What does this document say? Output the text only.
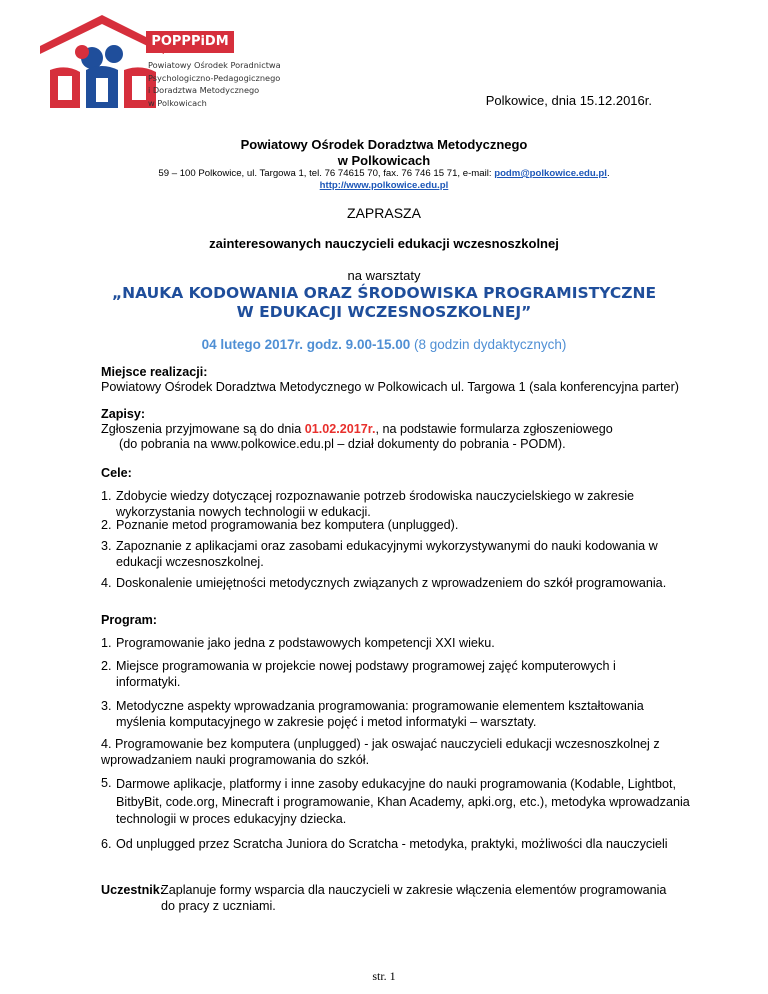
POPPPiDM
Powiatowy Ośrodek Poradnictwa
Psychologiczno-Pedagogicznego
i Doradztwa Metodycznego
w Polkowicach	Polkowice, dnia 15.12.2016r.
Powiatowy Ośrodek Doradztwa Metodycznego
w Polkowicach
59 – 100 Polkowice, ul. Targowa 1, tel. 76 74615 70, fax. 76 746 15 71, e-mail: podm@polkowice.edu.pl.
http://www.polkowice.edu.pl
ZAPRASZA
zainteresowanych nauczycieli edukacji wczesnoszkolnej
na warsztaty
„NAUKA KODOWANIA ORAZ ŚRODOWISKA PROGRAMISTYCZNE
W EDUKACJI WCZESNOSZKOLNEJ”
04 lutego 2017r. godz. 9.00-15.00 (8 godzin dydaktycznych)
Miejsce realizacji:
Powiatowy Ośrodek Doradztwa Metodycznego w Polkowicach ul. Targowa 1 (sala konferencyjna parter)
Zapisy:
Zgłoszenia przyjmowane są do dnia 01.02.2017r., na podstawie formularza zgłoszeniowego
(do pobrania na www.polkowice.edu.pl – dział dokumenty do pobrania - PODM).
Cele:
1. Zdobycie wiedzy dotyczącej rozpoznawanie potrzeb środowiska nauczycielskiego w zakresie wykorzystania nowych technologii w edukacji.
2. Poznanie metod programowania bez komputera (unplugged).
3. Zapoznanie z aplikacjami oraz zasobami edukacyjnymi wykorzystywanymi do nauki kodowania w edukacji wczesnoszkolnej.
4. Doskonalenie umiejętności metodycznych związanych z wprowadzeniem do szkół programowania.
Program:
1. Programowanie jako jedna z podstawowych kompetencji XXI wieku.
2. Miejsce programowania w projekcie nowej podstawy programowej zajęć komputerowych i informatyki.
3. Metodyczne aspekty wprowadzania programowania: programowanie elementem kształtowania myślenia komputacyjnego w zakresie pojęć i metod informatyki – warsztaty.
4. Programowanie bez komputera (unplugged) - jak oswajać nauczycieli edukacji wczesnoszkolnej z wprowadzaniem nauki programowania do szkół.
5. Darmowe aplikacje, platformy i inne zasoby edukacyjne do nauki programowania (Kodable, Lightbot, BitbyBit, code.org, Minecraft i programowanie, Khan Academy, apki.org, etc.), metodyka wprowadzania technologii w proces edukacyjny dziecka.
6. Od unplugged przez Scratcha Juniora do Scratcha - metodyka, praktyki, możliwości dla nauczycieli
Uczestnik:
Zaplanuje formy wsparcia dla nauczycieli w zakresie włączenia elementów programowania do pracy z uczniami.
str. 1
